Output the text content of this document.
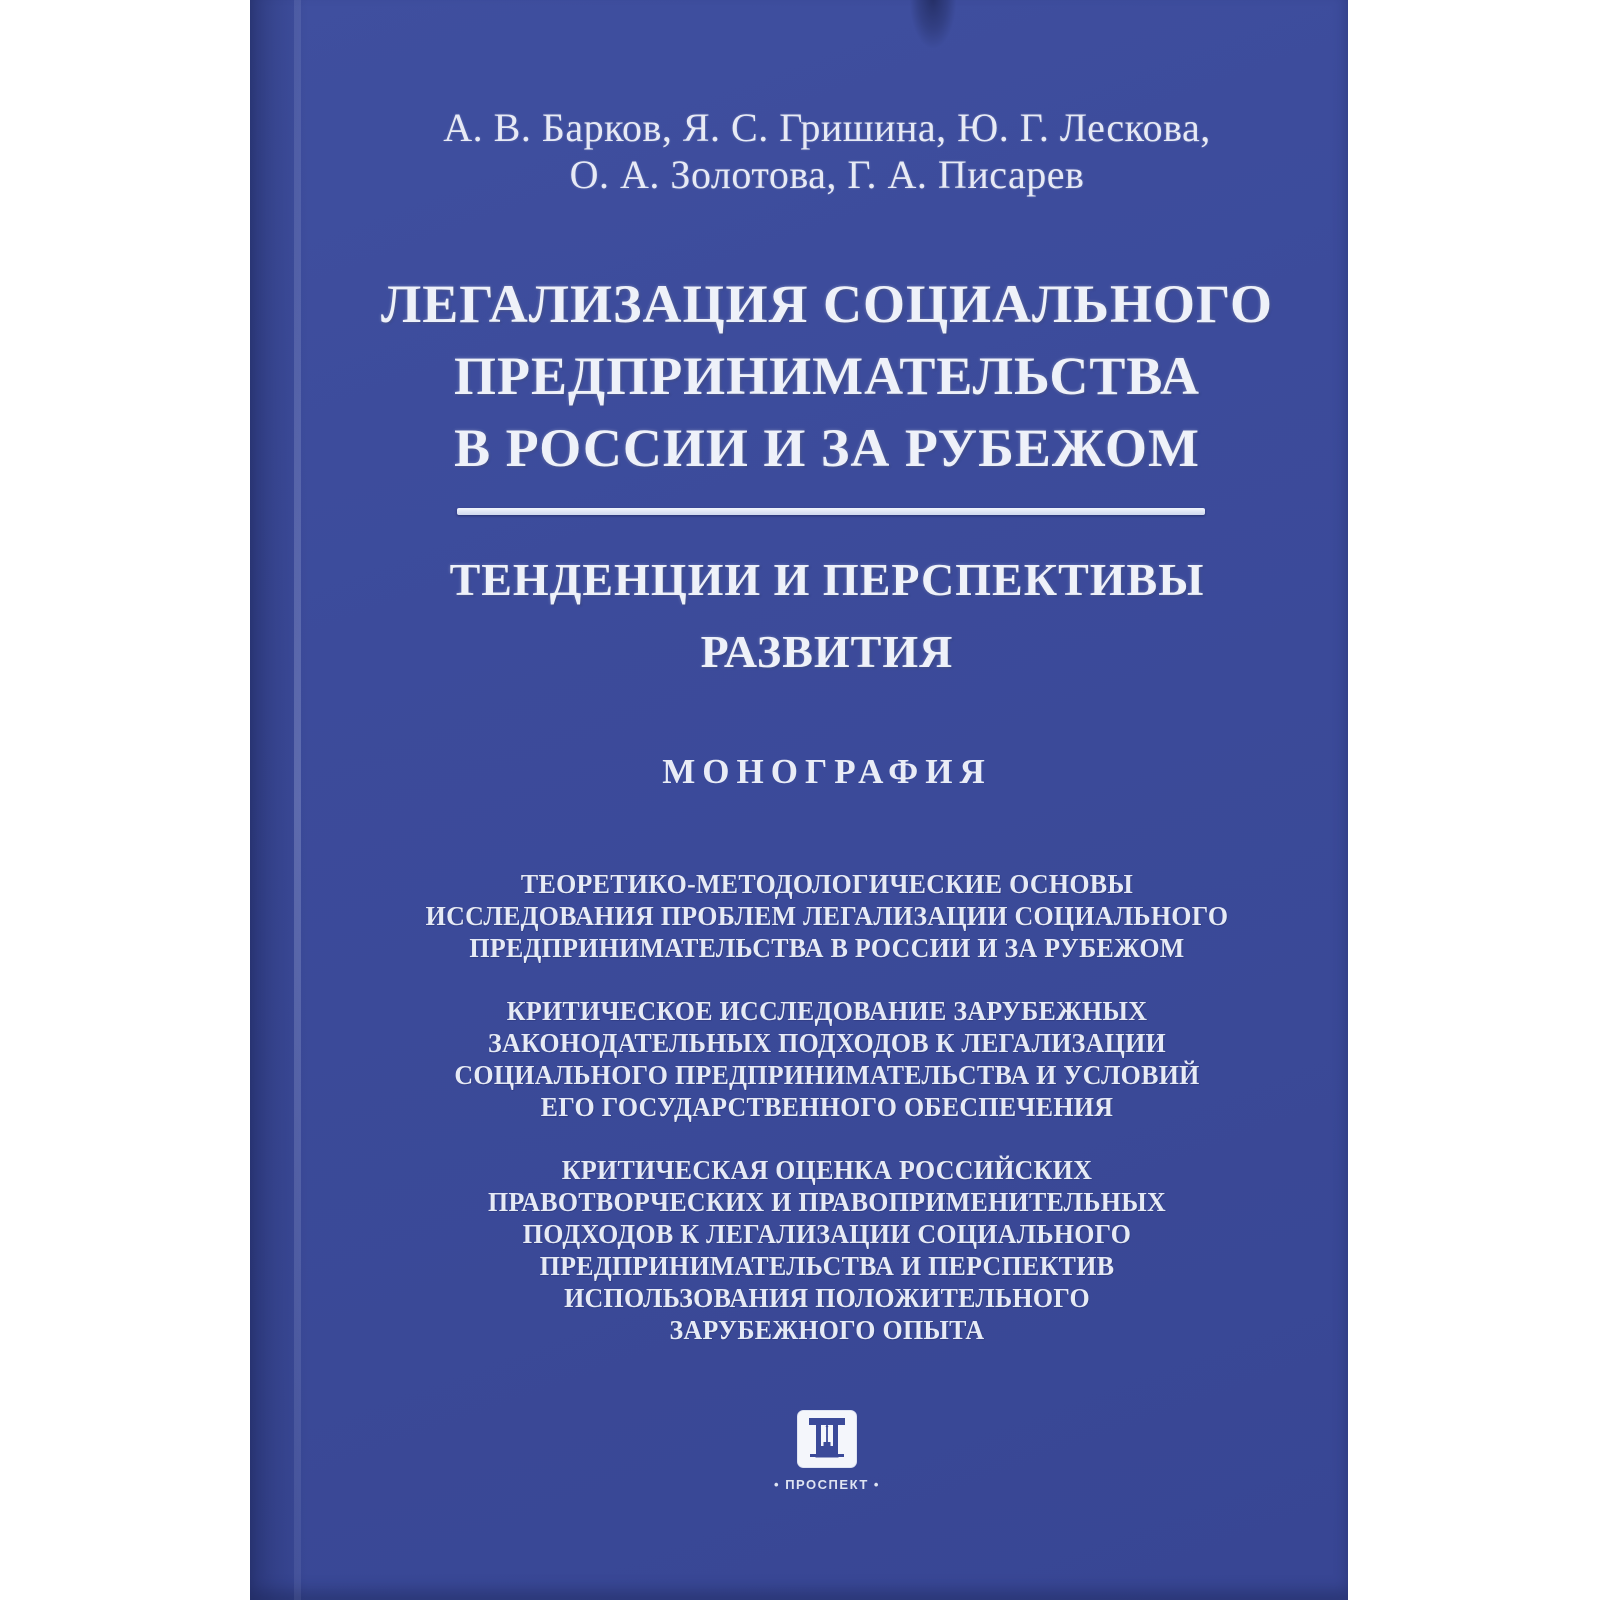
А. В. Барков, Я. С. Гришина, Ю. Г. Лескова,
О. А. Золотова, Г. А. Писарев
ЛЕГАЛИЗАЦИЯ СОЦИАЛЬНОГО
ПРЕДПРИНИМАТЕЛЬСТВА
В РОССИИ И ЗА РУБЕЖОМ
ТЕНДЕНЦИИ И ПЕРСПЕКТИВЫ
РАЗВИТИЯ
МОНОГРАФИЯ
ТЕОРЕТИКО-МЕТОДОЛОГИЧЕСКИЕ ОСНОВЫ
ИССЛЕДОВАНИЯ ПРОБЛЕМ ЛЕГАЛИЗАЦИИ СОЦИАЛЬНОГО
ПРЕДПРИНИМАТЕЛЬСТВА В РОССИИ И ЗА РУБЕЖОМ
КРИТИЧЕСКОЕ ИССЛЕДОВАНИЕ ЗАРУБЕЖНЫХ
ЗАКОНОДАТЕЛЬНЫХ ПОДХОДОВ К ЛЕГАЛИЗАЦИИ
СОЦИАЛЬНОГО ПРЕДПРИНИМАТЕЛЬСТВА И УСЛОВИЙ
ЕГО ГОСУДАРСТВЕННОГО ОБЕСПЕЧЕНИЯ
КРИТИЧЕСКАЯ ОЦЕНКА РОССИЙСКИХ
ПРАВОТВОРЧЕСКИХ И ПРАВОПРИМЕНИТЕЛЬНЫХ
ПОДХОДОВ К ЛЕГАЛИЗАЦИИ СОЦИАЛЬНОГО
ПРЕДПРИНИМАТЕЛЬСТВА И ПЕРСПЕКТИВ
ИСПОЛЬЗОВАНИЯ ПОЛОЖИТЕЛЬНОГО
ЗАРУБЕЖНОГО ОПЫТА
• ПРОСПЕКТ •
